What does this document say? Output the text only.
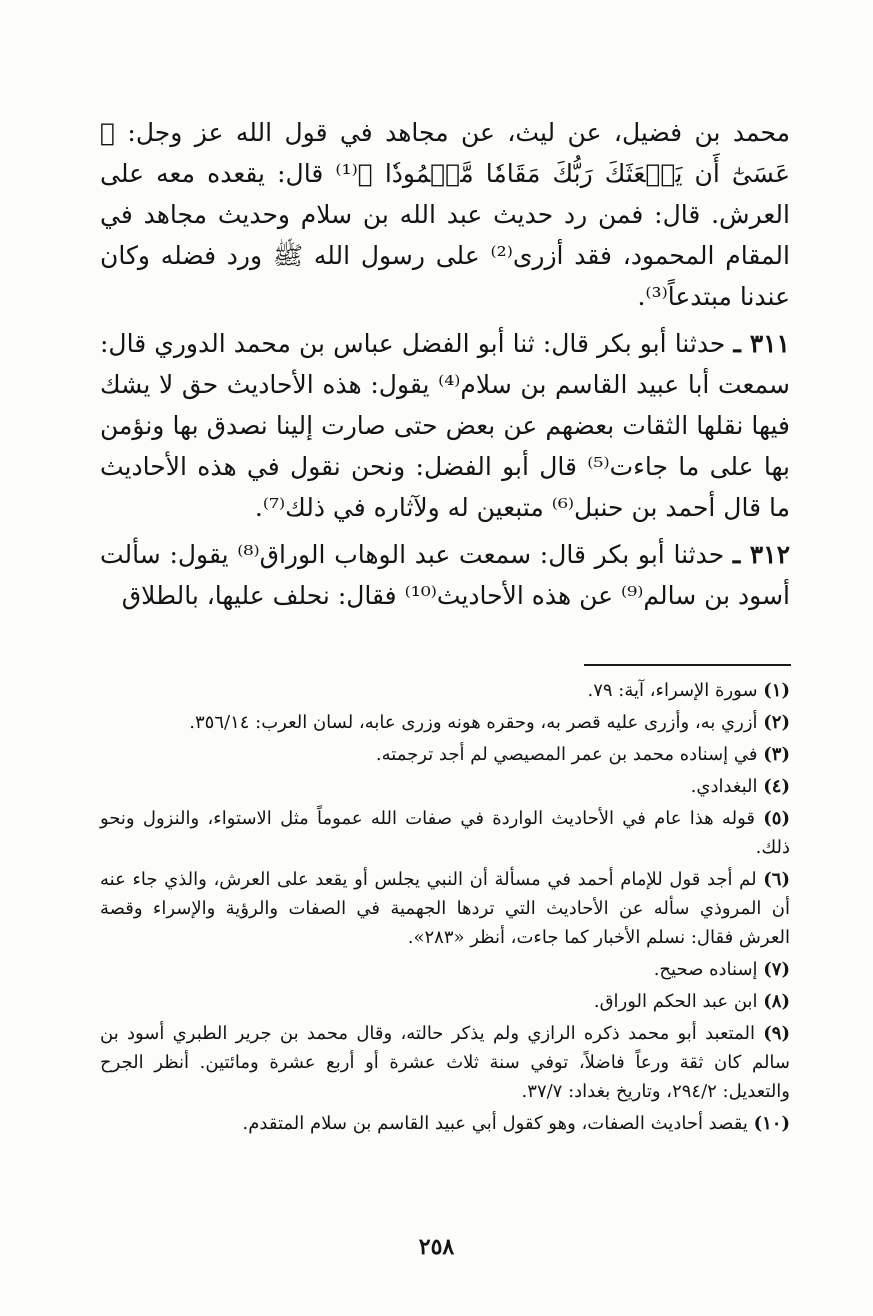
محمد بن فضيل، عن ليث، عن مجاهد في قول الله عز وجل: ﴿ عَسَىٰٓ أَن يَبۡعَثَكَ رَبُّكَ مَقَامٗا مَّحۡمُودٗا ﴾⁽¹⁾ قال: يقعده معه على العرش. قال: فمن رد حديث عبد الله بن سلام وحديث مجاهد في المقام المحمود، فقد أزرى⁽²⁾ على رسول الله ﷺ ورد فضله وكان عندنا مبتدعاً⁽³⁾.

٣١١ ـ حدثنا أبو بكر قال: ثنا أبو الفضل عباس بن محمد الدوري قال: سمعت أبا عبيد القاسم بن سلام⁽⁴⁾ يقول: هذه الأحاديث حق لا يشك فيها نقلها الثقات بعضهم عن بعض حتى صارت إلينا نصدق بها ونؤمن بها على ما جاءت⁽⁵⁾ قال أبو الفضل: ونحن نقول في هذه الأحاديث ما قال أحمد بن حنبل⁽⁶⁾ متبعين له ولآثاره في ذلك⁽⁷⁾.

٣١٢ ـ حدثنا أبو بكر قال: سمعت عبد الوهاب الوراق⁽⁸⁾ يقول: سألت أسود بن سالم⁽⁹⁾ عن هذه الأحاديث⁽¹⁰⁾ فقال: نحلف عليها، بالطلاق

(١) سورة الإسراء، آية: ٧٩.
(٢) أزري به، وأزرى عليه قصر به، وحقره هونه وزرى عابه، لسان العرب: ٣٥٦/١٤.
(٣) في إسناده محمد بن عمر المصيصي لم أجد ترجمته.
(٤) البغدادي.
(٥) قوله هذا عام في الأحاديث الواردة في صفات الله عموماً مثل الاستواء، والنزول ونحو ذلك.
(٦) لم أجد قول للإمام أحمد في مسألة أن النبي يجلس أو يقعد على العرش، والذي جاء عنه أن المروذي سأله عن الأحاديث التي تردها الجهمية في الصفات والرؤية والإسراء وقصة العرش فقال: نسلم الأخبار كما جاءت، أنظر «٢٨٣».
(٧) إسناده صحيح.
(٨) ابن عبد الحكم الوراق.
(٩) المتعبد أبو محمد ذكره الرازي ولم يذكر حالته، وقال محمد بن جرير الطبري أسود بن سالم كان ثقة ورعاً فاضلاً، توفي سنة ثلاث عشرة أو أربع عشرة ومائتين. أنظر الجرح والتعديل: ٢٩٤/٢، وتاريخ بغداد: ٣٧/٧.
(١٠) يقصد أحاديث الصفات، وهو كقول أبي عبيد القاسم بن سلام المتقدم.
٢٥٨
